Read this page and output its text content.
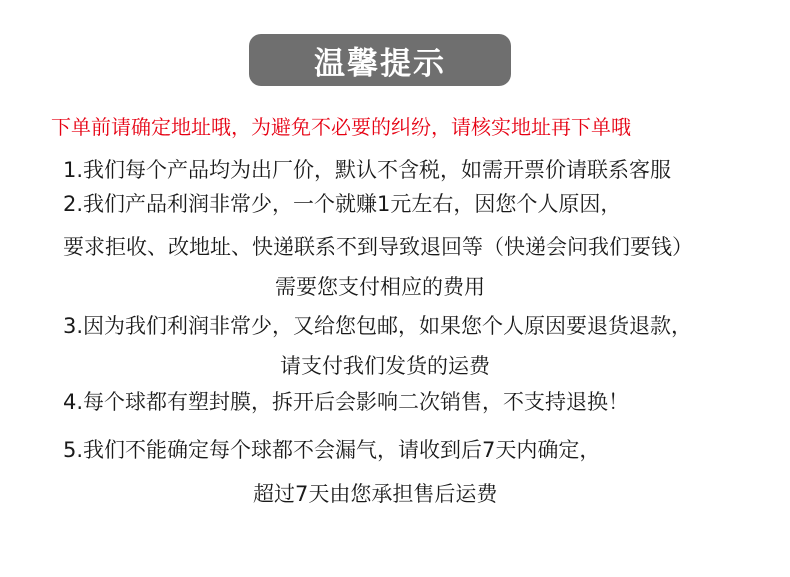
温馨提示
下单前请确定地址哦，为避免不必要的纠纷，请核实地址再下单哦
1.我们每个产品均为出厂价，默认不含税，如需开票价请联系客服
2.我们产品利润非常少，一个就赚1元左右，因您个人原因，
要求拒收、改地址、快递联系不到导致退回等（快递会问我们要钱）
需要您支付相应的费用
3.因为我们利润非常少，又给您包邮，如果您个人原因要退货退款，
请支付我们发货的运费
4.每个球都有塑封膜，拆开后会影响二次销售，不支持退换！
5.我们不能确定每个球都不会漏气，请收到后7天内确定，
超过7天由您承担售后运费
